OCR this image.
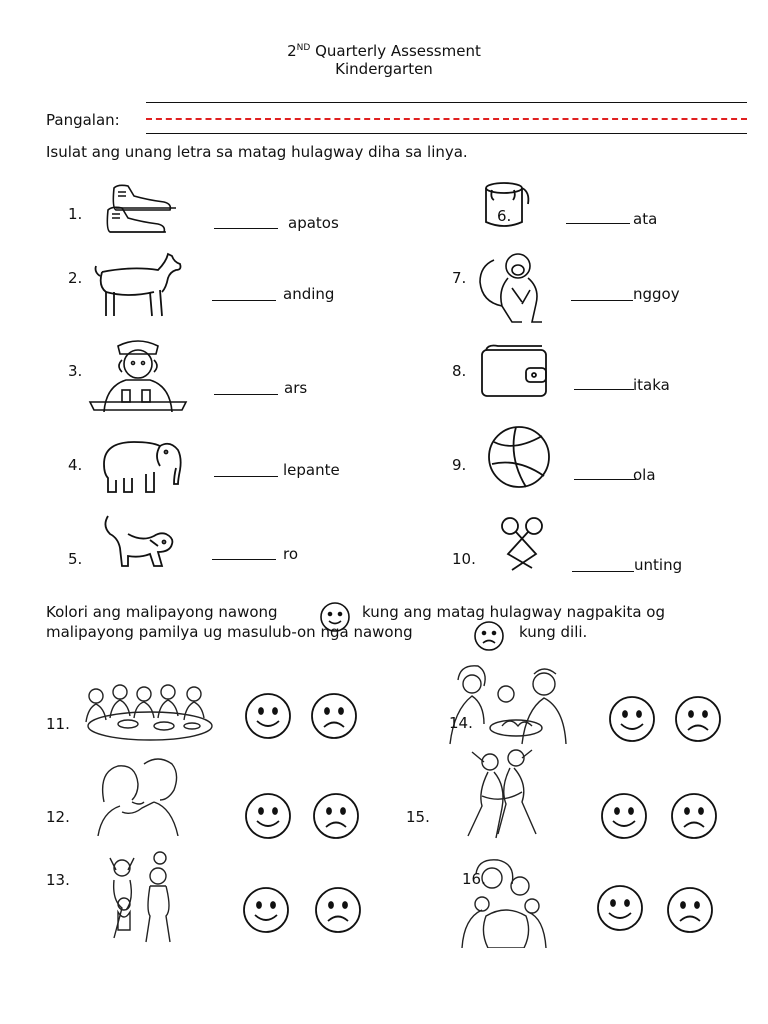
2ND Quarterly Assessment
Kindergarten
Pangalan:
Isulat ang unang letra sa matag hulagway diha sa linya.
1.	apatos
2.
anding
3.
ars
4.	lepante
5.	ro
6.	ata
7.
nggoy
8.
itaka
9.
ola
10.	unting
Kolori ang malipayong nawong	kung ang matag hulagway nagpakita og
malipayong pamilya ug masulub-on nga nawong	kung dili.
11.
12.
13.
14.
15.
16.
